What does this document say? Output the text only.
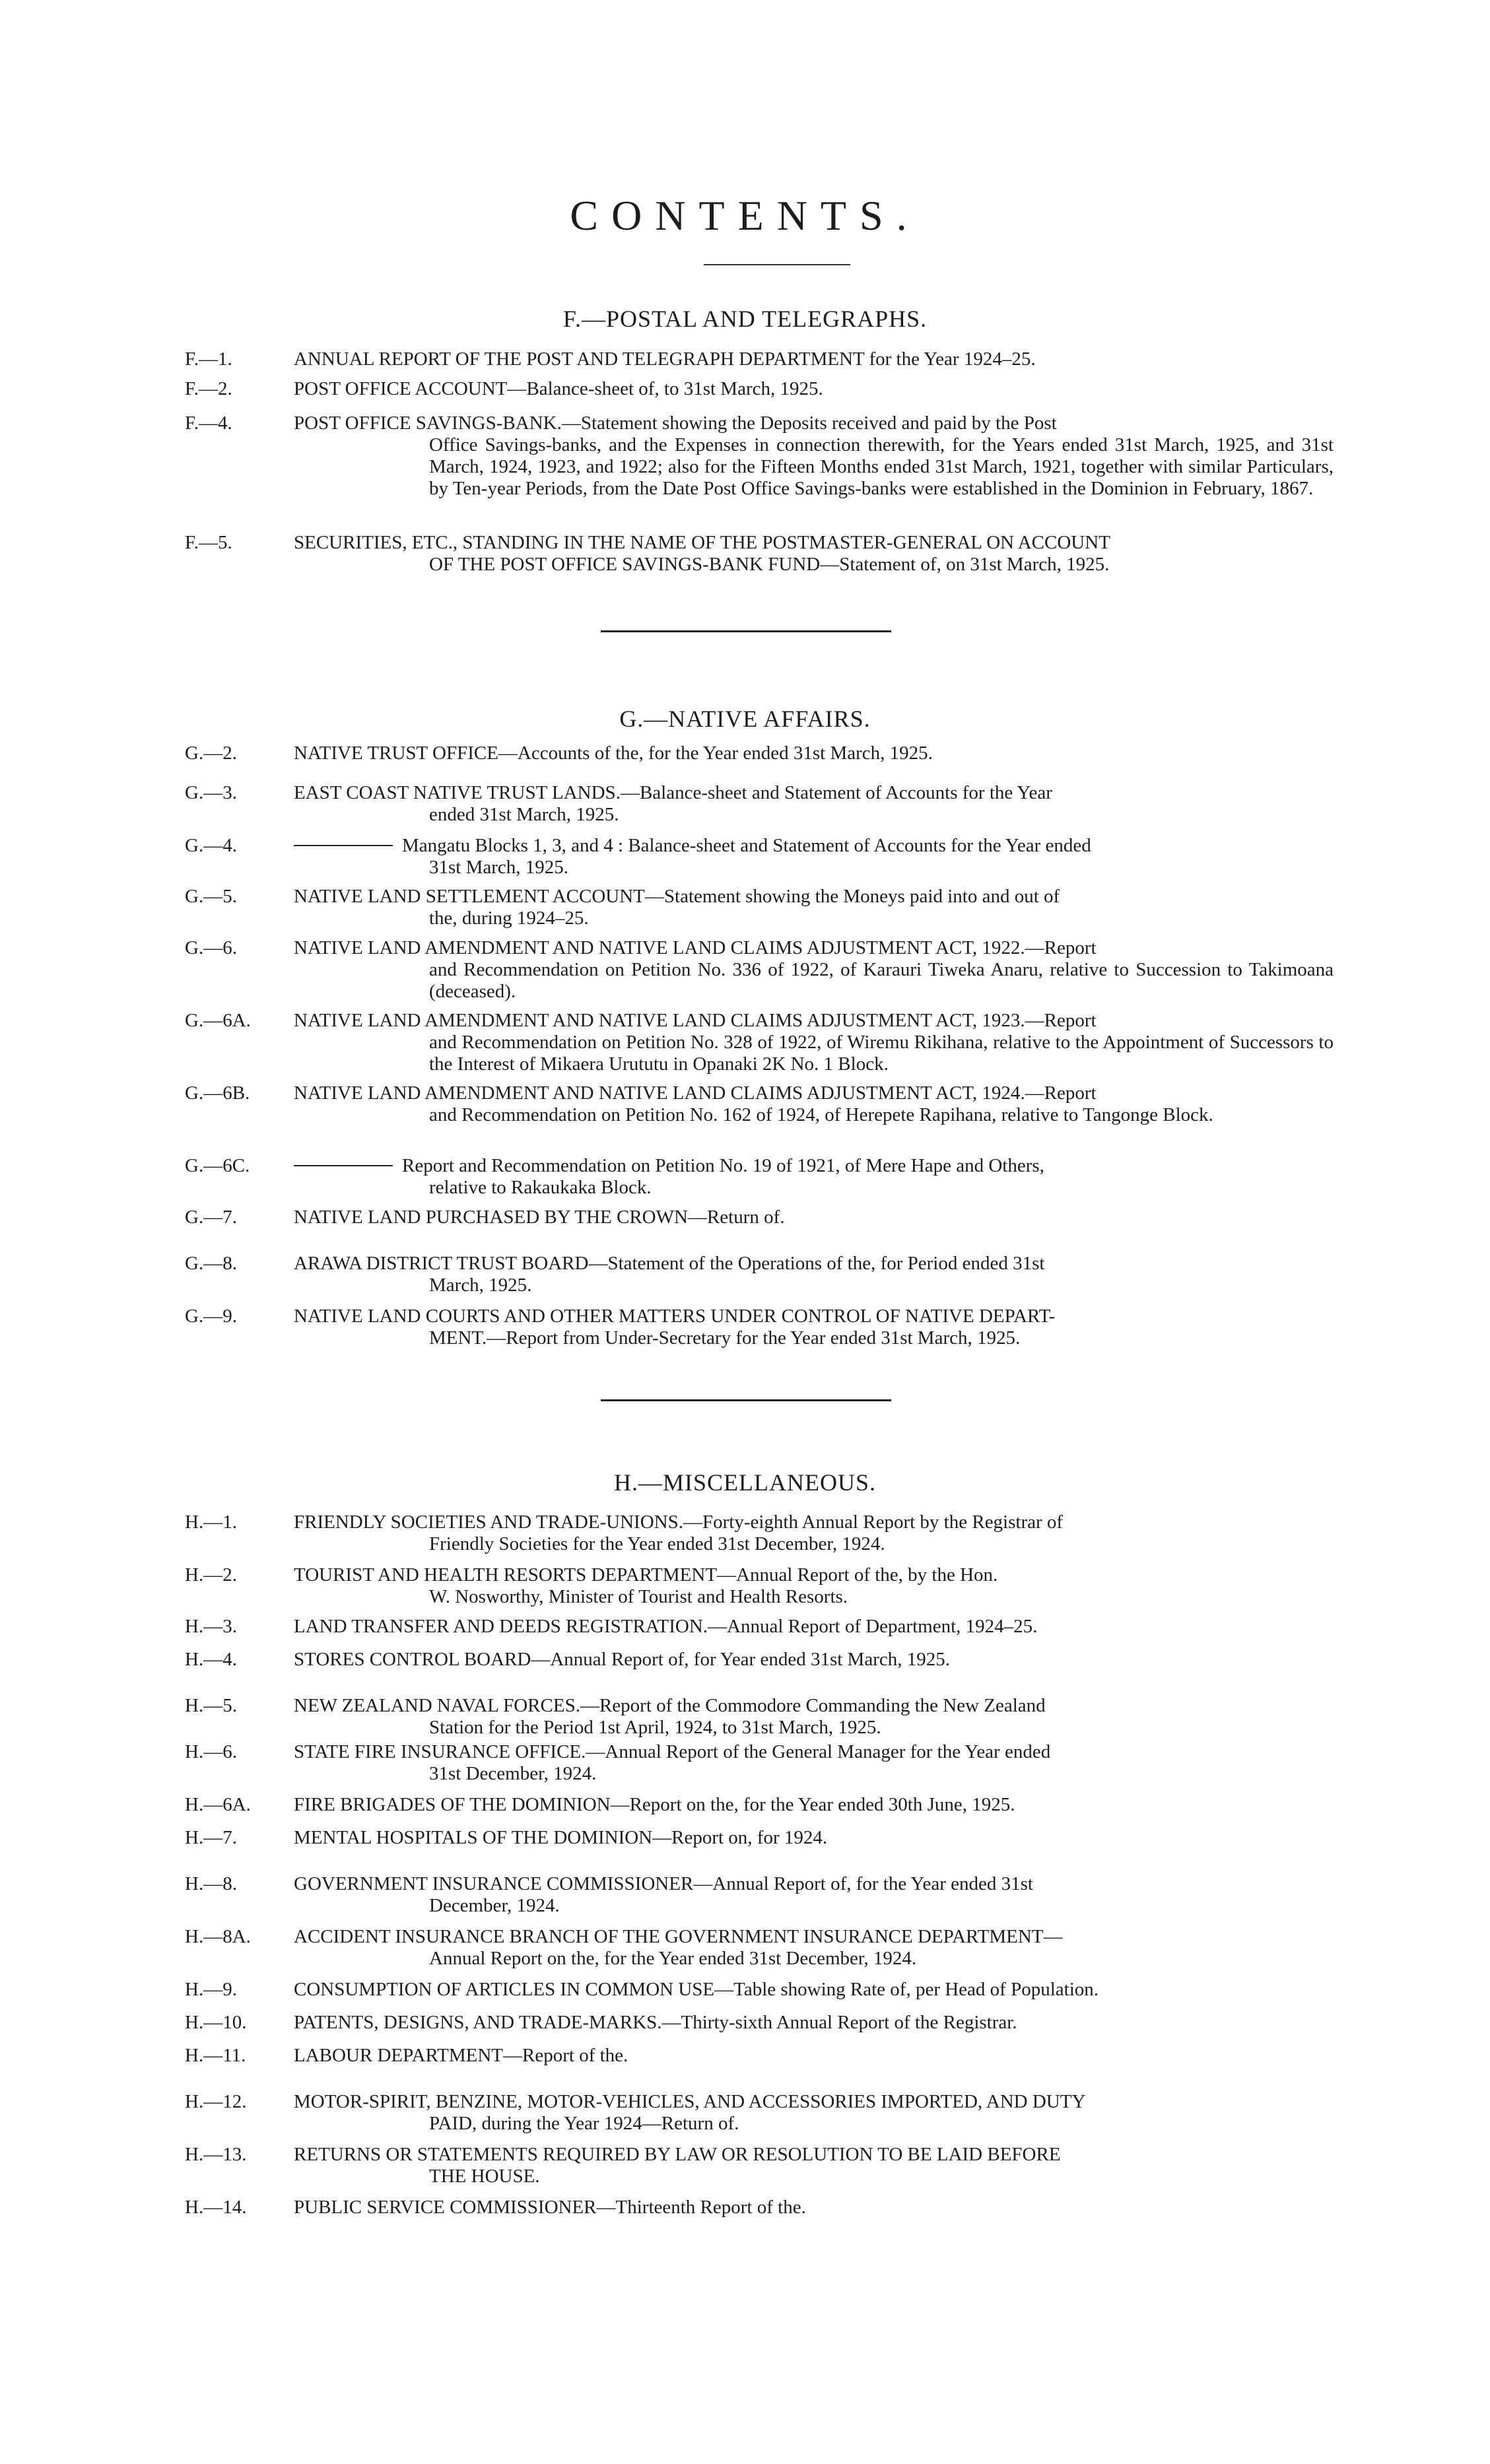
CONTENTS.
F.—POSTAL AND TELEGRAPHS.
F.—1.	ANNUAL REPORT OF THE POST AND TELEGRAPH DEPARTMENT for the Year 1924–25.
F.—2.	POST OFFICE ACCOUNT—Balance-sheet of, to 31st March, 1925.
F.—4.	POST OFFICE SAVINGS-BANK.—Statement showing the Deposits received and paid by the Post
Office Savings-banks, and the Expenses in connection therewith, for the Years ended 31st March, 1925, and 31st March, 1924, 1923, and 1922; also for the Fifteen Months ended 31st March, 1921, together with similar Particulars, by Ten-year Periods, from the Date Post Office Savings-banks were established in the Dominion in February, 1867.
F.—5.	SECURITIES, ETC., STANDING IN THE NAME OF THE POSTMASTER-GENERAL ON ACCOUNT
OF THE POST OFFICE SAVINGS-BANK FUND—Statement of, on 31st March, 1925.
G.—NATIVE AFFAIRS.
G.—2.	NATIVE TRUST OFFICE—Accounts of the, for the Year ended 31st March, 1925.
G.—3.	EAST COAST NATIVE TRUST LANDS.—Balance-sheet and Statement of Accounts for the Year
ended 31st March, 1925.
G.—4.	Mangatu Blocks 1, 3, and 4 : Balance-sheet and Statement of Accounts for the Year ended
31st March, 1925.
G.—5.	NATIVE LAND SETTLEMENT ACCOUNT—Statement showing the Moneys paid into and out of
the, during 1924–25.
G.—6.	NATIVE LAND AMENDMENT AND NATIVE LAND CLAIMS ADJUSTMENT ACT, 1922.—Report
and Recommendation on Petition No. 336 of 1922, of Karauri Tiweka Anaru, relative to Succession to Takimoana (deceased).
G.—6A.	NATIVE LAND AMENDMENT AND NATIVE LAND CLAIMS ADJUSTMENT ACT, 1923.—Report
and Recommendation on Petition No. 328 of 1922, of Wiremu Rikihana, relative to the Appointment of Successors to the Interest of Mikaera Urututu in Opanaki 2K No. 1 Block.
G.—6B.	NATIVE LAND AMENDMENT AND NATIVE LAND CLAIMS ADJUSTMENT ACT, 1924.—Report
and Recommendation on Petition No. 162 of 1924, of Herepete Rapihana, relative to Tangonge Block.
G.—6C.	Report and Recommendation on Petition No. 19 of 1921, of Mere Hape and Others,
relative to Rakaukaka Block.
G.—7.	NATIVE LAND PURCHASED BY THE CROWN—Return of.
G.—8.	ARAWA DISTRICT TRUST BOARD—Statement of the Operations of the, for Period ended 31st
March, 1925.
G.—9.	NATIVE LAND COURTS AND OTHER MATTERS UNDER CONTROL OF NATIVE DEPART-
MENT.—Report from Under-Secretary for the Year ended 31st March, 1925.
H.—MISCELLANEOUS.
H.—1.	FRIENDLY SOCIETIES AND TRADE-UNIONS.—Forty-eighth Annual Report by the Registrar of
Friendly Societies for the Year ended 31st December, 1924.
H.—2.	TOURIST AND HEALTH RESORTS DEPARTMENT—Annual Report of the, by the Hon.
W. Nosworthy, Minister of Tourist and Health Resorts.
H.—3.	LAND TRANSFER AND DEEDS REGISTRATION.—Annual Report of Department, 1924–25.
H.—4.	STORES CONTROL BOARD—Annual Report of, for Year ended 31st March, 1925.
H.—5.	NEW ZEALAND NAVAL FORCES.—Report of the Commodore Commanding the New Zealand
Station for the Period 1st April, 1924, to 31st March, 1925.
H.—6.	STATE FIRE INSURANCE OFFICE.—Annual Report of the General Manager for the Year ended
31st December, 1924.
H.—6A.	FIRE BRIGADES OF THE DOMINION—Report on the, for the Year ended 30th June, 1925.
H.—7.	MENTAL HOSPITALS OF THE DOMINION—Report on, for 1924.
H.—8.	GOVERNMENT INSURANCE COMMISSIONER—Annual Report of, for the Year ended 31st
December, 1924.
H.—8A.	ACCIDENT INSURANCE BRANCH OF THE GOVERNMENT INSURANCE DEPARTMENT—
Annual Report on the, for the Year ended 31st December, 1924.
H.—9.	CONSUMPTION OF ARTICLES IN COMMON USE—Table showing Rate of, per Head of Population.
H.—10.	PATENTS, DESIGNS, AND TRADE-MARKS.—Thirty-sixth Annual Report of the Registrar.
H.—11.	LABOUR DEPARTMENT—Report of the.
H.—12.	MOTOR-SPIRIT, BENZINE, MOTOR-VEHICLES, AND ACCESSORIES IMPORTED, AND DUTY
PAID, during the Year 1924—Return of.
H.—13.	RETURNS OR STATEMENTS REQUIRED BY LAW OR RESOLUTION TO BE LAID BEFORE
THE HOUSE.
H.—14.	PUBLIC SERVICE COMMISSIONER—Thirteenth Report of the.
